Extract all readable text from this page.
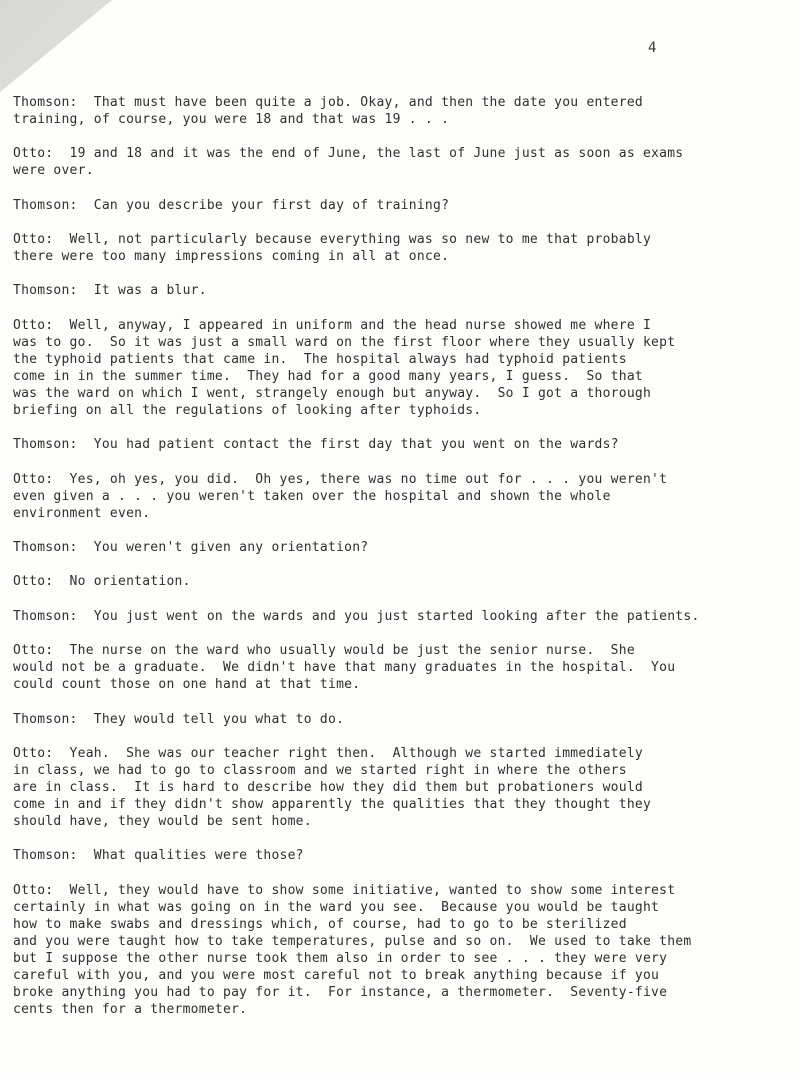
4
Thomson:  That must have been quite a job. Okay, and then the date you entered
training, of course, you were 18 and that was 19 . . .
Otto:  19 and 18 and it was the end of June, the last of June just as soon as exams
were over.
Thomson:  Can you describe your first day of training?
Otto:  Well, not particularly because everything was so new to me that probably
there were too many impressions coming in all at once.
Thomson:  It was a blur.
Otto:  Well, anyway, I appeared in uniform and the head nurse showed me where I
was to go.  So it was just a small ward on the first floor where they usually kept
the typhoid patients that came in.  The hospital always had typhoid patients
come in in the summer time.  They had for a good many years, I guess.  So that
was the ward on which I went, strangely enough but anyway.  So I got a thorough
briefing on all the regulations of looking after typhoids.
Thomson:  You had patient contact the first day that you went on the wards?
Otto:  Yes, oh yes, you did.  Oh yes, there was no time out for . . . you weren't
even given a . . . you weren't taken over the hospital and shown the whole
environment even.
Thomson:  You weren't given any orientation?
Otto:  No orientation.
Thomson:  You just went on the wards and you just started looking after the patients.
Otto:  The nurse on the ward who usually would be just the senior nurse.  She
would not be a graduate.  We didn't have that many graduates in the hospital.  You
could count those on one hand at that time.
Thomson:  They would tell you what to do.
Otto:  Yeah.  She was our teacher right then.  Although we started immediately
in class, we had to go to classroom and we started right in where the others
are in class.  It is hard to describe how they did them but probationers would
come in and if they didn't show apparently the qualities that they thought they
should have, they would be sent home.
Thomson:  What qualities were those?
Otto:  Well, they would have to show some initiative, wanted to show some interest
certainly in what was going on in the ward you see.  Because you would be taught
how to make swabs and dressings which, of course, had to go to be sterilized
and you were taught how to take temperatures, pulse and so on.  We used to take them
but I suppose the other nurse took them also in order to see . . . they were very
careful with you, and you were most careful not to break anything because if you
broke anything you had to pay for it.  For instance, a thermometer.  Seventy-five
cents then for a thermometer.
